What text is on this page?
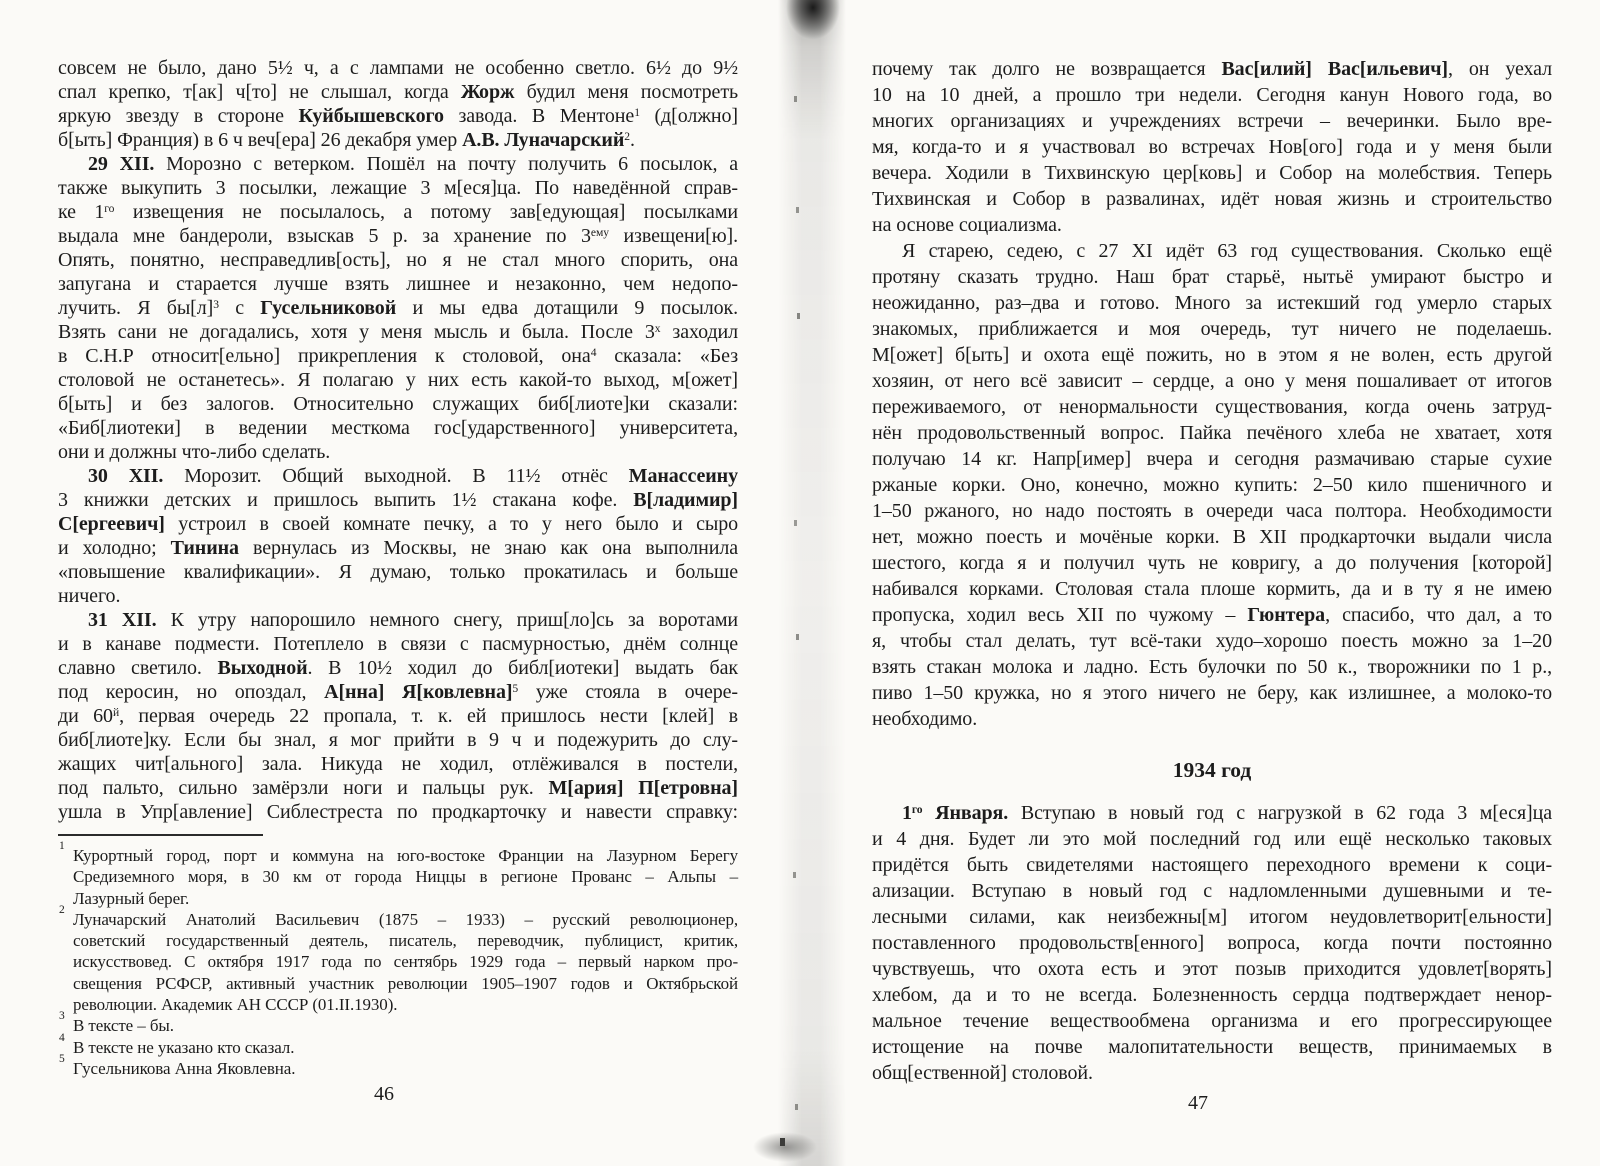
совсем не было, дано 5½ ч, а с лампами не особенно светло. 6½ до 9½
спал крепко, т[ак] ч[то] не слышал, когда Жорж будил меня посмотреть
яркую звезду в стороне Куйбышевского завода. В Ментоне$^1$ (д[олжно]
б[ыть] Франция) в 6 ч веч[ера] 26 декабря умер А.В. Луначарский$^2$.
29 XII. Морозно с ветерком. Пошёл на почту получить 6 посылок, а
также выкупить 3 посылки, лежащие 3 м[еся]ца. По наведённой справ-
ке $1^{го}$ извещения не посылалось, а потому зав[едующая] посылками
выдала мне бандероли, взыскав 5 р. за хранение по $3^{ему}$ извещени[ю].
Опять, понятно, несправедлив[ость], но я не стал много спорить, она
запугана и старается лучше взять лишнее и незаконно, чем недопо-
лучить. Я $бы[л]^3$ с Гусельниковой и мы едва дотащили 9 посылок.
Взять сани не догадались, хотя у меня мысль и была. После $3^х$ заходил
в С.Н.Р относит[ельно] прикрепления к столовой, она$^4$ сказала: «Без
столовой не останетесь». Я полагаю у них есть какой-то выход, м[ожет]
б[ыть] и без залогов. Относительно служащих биб[лиоте]ки сказали:
«Биб[лиотеки] в ведении месткома гос[ударственного] университета,
они и должны что-либо сделать.
30 XII. Морозит. Общий выходной. В 11½ отнёс Манассеину
3 книжки детских и пришлось выпить 1½ стакана кофе. В[ладимир]
С[ергеевич] устроил в своей комнате печку, а то у него было и сыро
и холодно; Тинина вернулась из Москвы, не знаю как она выполнила
«повышение квалификации». Я думаю, только прокатилась и больше
ничего.
31 XII. К утру напорошило немного снегу, приш[ло]сь за воротами
и в канаве подмести. Потеплело в связи с пасмурностью, днём солнце
славно светило. Выходной. В 10½ ходил до библ[иотеки] выдать бак
под керосин, но опоздал, А[нна] Я[ковлевна]$^5$ уже стояла в очере-
ди $60^й$, первая очередь 22 пропала, т. к. ей пришлось нести [клей] в
биб[лиоте]ку. Если бы знал, я мог прийти в 9 ч и подежурить до слу-
жащих чит[ального] зала. Никуда не ходил, отлёживался в постели,
под пальто, сильно замёрзли ноги и пальцы рук. М[ария] П[етровна]
ушла в Упр[авление] Сиблестреста по продкарточку и навести справку:
1 Курортный город, порт и коммуна на юго-востоке Франции на Лазурном Берегу
Средиземного моря, в 30 км от города Ниццы в регионе Прованс – Альпы –
Лазурный берег.
2 Луначарский Анатолий Васильевич (1875 – 1933) – русский революционер,
советский государственный деятель, писатель, переводчик, публицист, критик,
искусствовед. С октября 1917 года по сентябрь 1929 года – первый нарком про-
свещения РСФСР, активный участник революции 1905–1907 годов и Октябрьской
революции. Академик АН СССР (01.II.1930).
3 В тексте – бы.
4 В тексте не указано кто сказал.
5 Гусельникова Анна Яковлевна.
46
почему так долго не возвращается Вас[илий] Вас[ильевич], он уехал
10 на 10 дней, а прошло три недели. Сегодня канун Нового года, во
многих организациях и учреждениях встречи – вечеринки. Было вре-
мя, когда-то и я участвовал во встречах Нов[ого] года и у меня были
вечера. Ходили в Тихвинскую цер[ковь] и Собор на молебствия. Теперь
Тихвинская и Собор в развалинах, идёт новая жизнь и строительство
на основе социализма.
Я старею, седею, с 27 XI идёт 63 год существования. Сколько ещё
протяну сказать трудно. Наш брат старьё, нытьё умирают быстро и
неожиданно, раз–два и готово. Много за истекший год умерло старых
знакомых, приближается и моя очередь, тут ничего не поделаешь.
М[ожет] б[ыть] и охота ещё пожить, но в этом я не волен, есть другой
хозяин, от него всё зависит – сердце, а оно у меня пошаливает от итогов
переживаемого, от ненормальности существования, когда очень затруд-
нён продовольственный вопрос. Пайка печёного хлеба не хватает, хотя
получаю 14 кг. Напр[имер] вчера и сегодня размачиваю старые сухие
ржаные корки. Оно, конечно, можно купить: 2–50 кило пшеничного и
1–50 ржаного, но надо постоять в очереди часа полтора. Необходимости
нет, можно поесть и мочёные корки. В XII продкарточки выдали числа
шестого, когда я и получил чуть не ковригу, а до получения [которой]
набивался корками. Столовая стала плоше кормить, да и в ту я не имею
пропуска, ходил весь XII по чужому – Гюнтера, спасибо, что дал, а то
я, чтобы стал делать, тут всё-таки худо–хорошо поесть можно за 1–20
взять стакан молока и ладно. Есть булочки по 50 к., творожники по 1 р.,
пиво 1–50 кружка, но я этого ничего не беру, как излишнее, а молоко-то
необходимо.
1934 год
$1^{го}$ Января. Вступаю в новый год с нагрузкой в 62 года 3 м[еся]ца
и 4 дня. Будет ли это мой последний год или ещё несколько таковых
придётся быть свидетелями настоящего переходного времени к соци-
ализации. Вступаю в новый год с надломленными душевными и те-
лесными силами, как неизбежны[м] итогом неудовлетворит[ельности]
поставленного продовольств[енного] вопроса, когда почти постоянно
чувствуешь, что охота есть и этот позыв приходится удовлет[ворять]
хлебом, да и то не всегда. Болезненность сердца подтверждает ненор-
мальное течение веществообмена организма и его прогрессирующее
истощение на почве малопитательности веществ, принимаемых в
общ[ественной] столовой.
47
